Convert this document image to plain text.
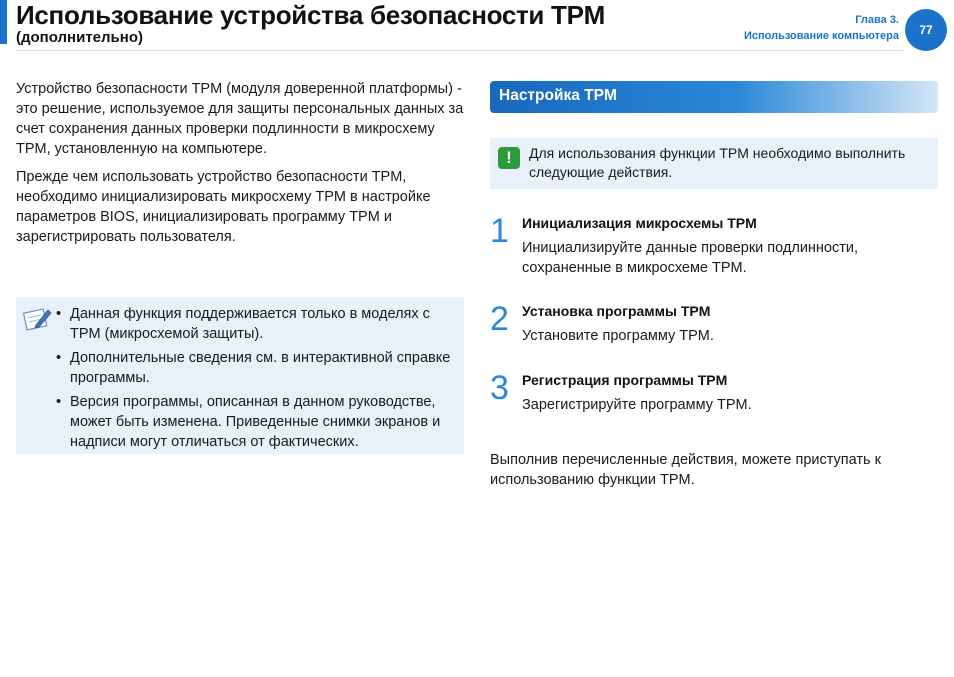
Использование устройства безопасности TPM
(дополнительно)
Глава 3.
Использование компьютера	77

Устройство безопасности TPM (модуля доверенной платформы) - это решение, используемое для защиты персональных данных за счет сохранения данных проверки подлинности в микросхему TPM, установленную на компьютере.

Прежде чем использовать устройство безопасности TPM, необходимо инициализировать микросхему TPM в настройке параметров BIOS, инициализировать программу TPM и зарегистрировать пользователя.

• Данная функция поддерживается только в моделях с TPM (микросхемой защиты).
• Дополнительные сведения см. в интерактивной справке программы.
• Версия программы, описанная в данном руководстве, может быть изменена. Приведенные снимки экранов и надписи могут отличаться от фактических.
Настройка TPM
!	Для использования функции TPM необходимо выполнить следующие действия.
1 Инициализация микросхемы TPM
Инициализируйте данные проверки подлинности, сохраненные в микросхеме TPM.
2 Установка программы TPM
Установите программу TPM.
3 Регистрация программы TPM
Зарегистрируйте программу TPM.
Выполнив перечисленные действия, можете приступать к использованию функции TPM.
